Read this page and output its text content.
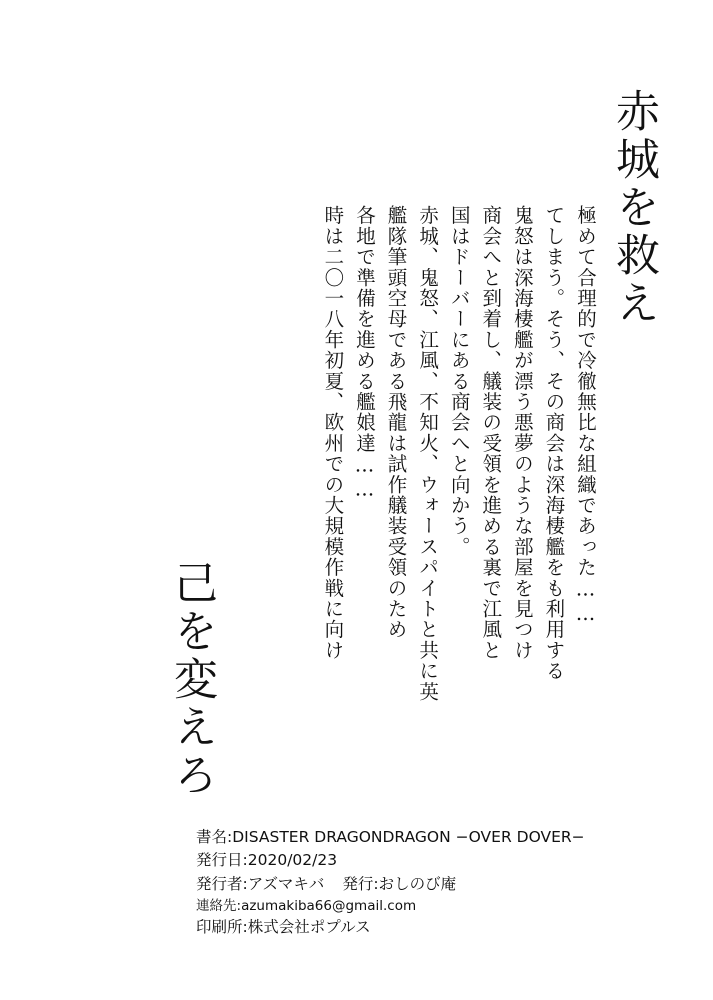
赤城を救え
時は二〇一八年初夏、欧州での大規模作戦に向け 各地で準備を進める艦娘達…… 艦隊筆頭空母である飛龍は試作艤装受領のため 赤城、鬼怒、江風、不知火、ウォースパイトと共に英 国はドーバーにある商会へと向かう。 商会へと到着し、艤装の受領を進める裏で江風と 鬼怒は深海棲艦が漂う悪夢のような部屋を見つけ てしまう。そう、その商会は深海棲艦をも利用する 極めて合理的で冷徹無比な組織であった……
己を変えろ
書名:DISASTER DRAGONDRAGON −OVER DOVER−
発行日:2020/02/23
発行者:アズマキバ 発行:おしのび庵
連絡先:azumakiba66@gmail.com
印刷所:株式会社ポプルス
